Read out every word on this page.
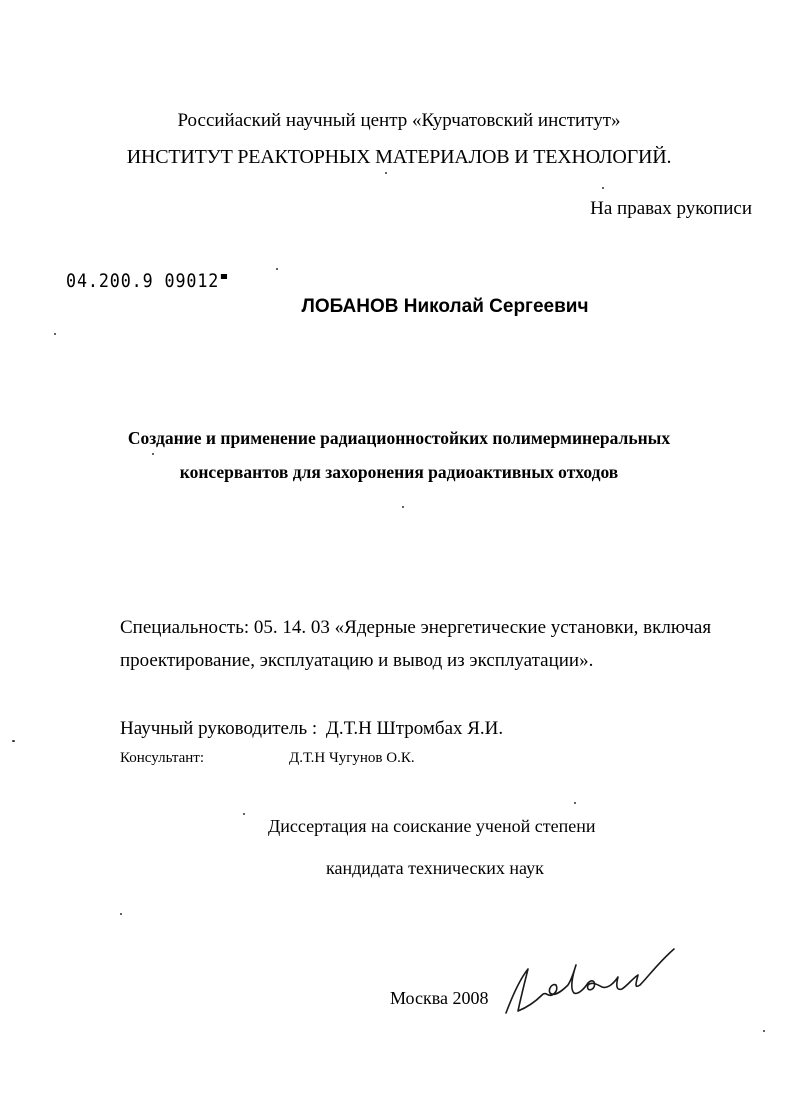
Российаский научный центр «Курчатовский институт»

ИНСТИТУТ РЕАКТОРНЫХ МАТЕРИАЛОВ И ТЕХНОЛОГИЙ.

На правах рукописи

04.200.9 09012
ЛОБАНОВ Николай Сергеевич

Создание и применение радиационностойких полимерминеральных

консервантов для захоронения радиоактивных отходов

Специальность: 05. 14. 03 «Ядерные энергетические установки, включая

проектирование, эксплуатацию и вывод из эксплуатации».

Научный руководитель : Д.Т.Н Штромбах Я.И.

Консультант:	Д.Т.Н Чугунов О.К.

Диссертация на соискание ученой степени

кандидата технических наук

Москва 2008
